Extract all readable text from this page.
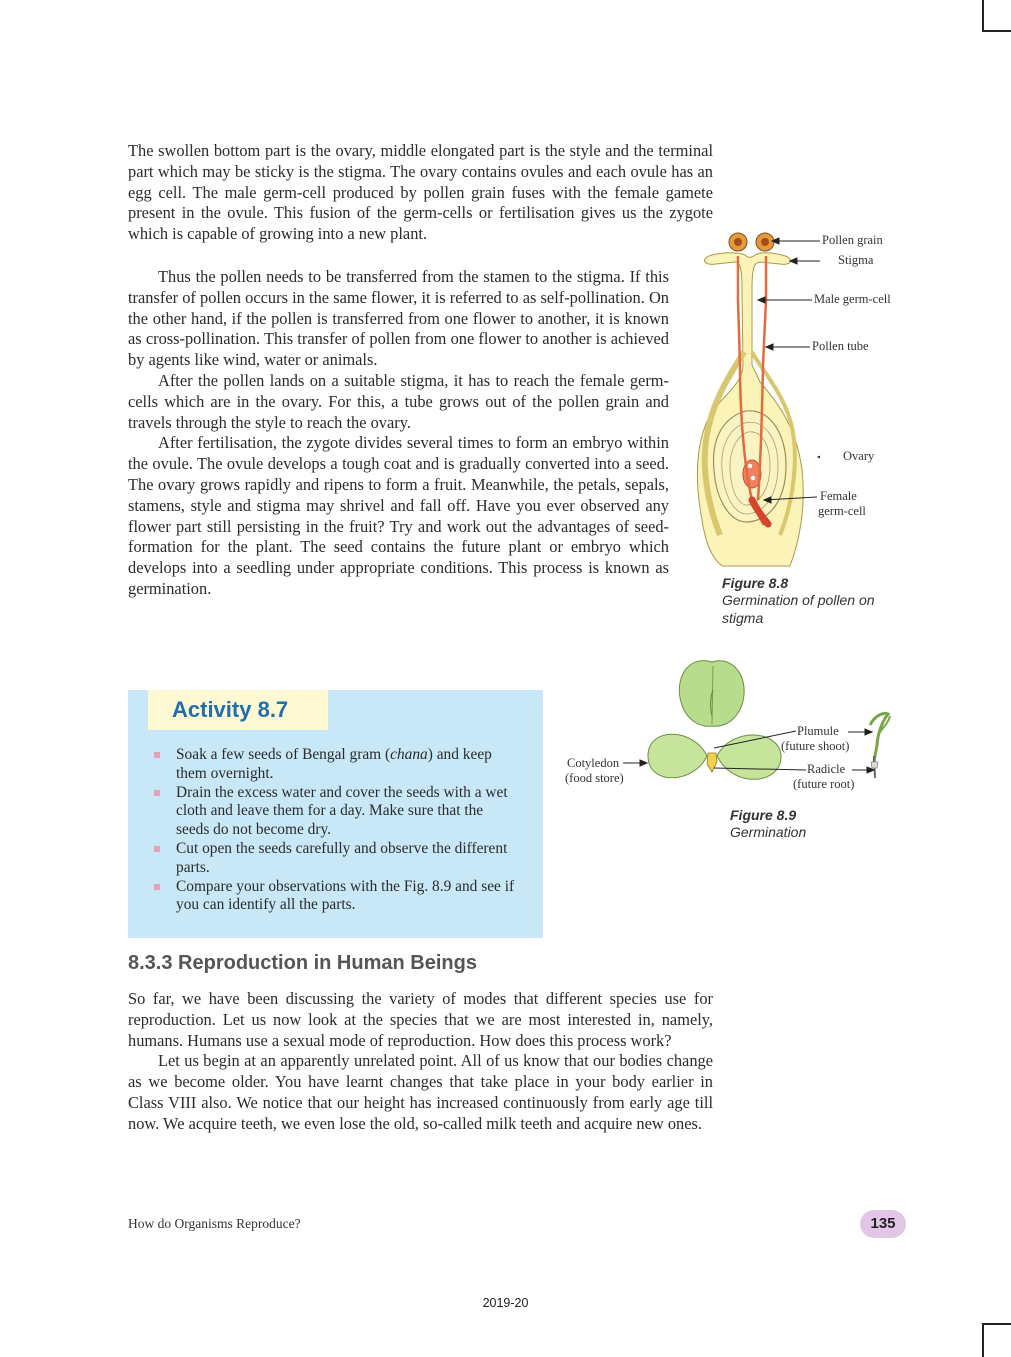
The swollen bottom part is the ovary, middle elongated part is the style and the terminal part which may be sticky is the stigma. The ovary contains ovules and each ovule has an egg cell. The male germ-cell produced by pollen grain fuses with the female gamete present in the ovule. This fusion of the germ-cells or fertilisation gives us the zygote which is capable of growing into a new plant.

Thus the pollen needs to be transferred from the stamen to the stigma. If this transfer of pollen occurs in the same flower, it is referred to as self-pollination. On the other hand, if the pollen is transferred from one flower to another, it is known as cross-pollination. This transfer of pollen from one flower to another is achieved by agents like wind, water or animals.

After the pollen lands on a suitable stigma, it has to reach the female germ-cells which are in the ovary. For this, a tube grows out of the pollen grain and travels through the style to reach the ovary.

After fertilisation, the zygote divides several times to form an embryo within the ovule. The ovule develops a tough coat and is gradually converted into a seed. The ovary grows rapidly and ripens to form a fruit. Meanwhile, the petals, sepals, stamens, style and stigma may shrivel and fall off. Have you ever observed any flower part still persisting in the fruit? Try and work out the advantages of seed-formation for the plant. The seed contains the future plant or embryo which develops into a seedling under appropriate conditions. This process is known as germination.

Pollen grain
Stigma
Male germ-cell
Pollen tube
Ovary
Female
germ-cell
Figure 8.8
Germination of pollen on
stigma
Activity 8.7
Soak a few seeds of Bengal gram (chana) and keep them overnight.
Drain the excess water and cover the seeds with a wet cloth and leave them for a day. Make sure that the seeds do not become dry.
Cut open the seeds carefully and observe the different parts.
Compare your observations with the Fig. 8.9 and see if you can identify all the parts.
Cotyledon
(food store)
Plumule
(future shoot)
Radicle
(future root)
Figure 8.9
Germination
8.3.3 Reproduction in Human Beings

So far, we have been discussing the variety of modes that different species use for reproduction. Let us now look at the species that we are most interested in, namely, humans. Humans use a sexual mode of reproduction. How does this process work?

Let us begin at an apparently unrelated point. All of us know that our bodies change as we become older. You have learnt changes that take place in your body earlier in Class VIII also. We notice that our height has increased continuously from early age till now. We acquire teeth, we even lose the old, so-called milk teeth and acquire new ones.

How do Organisms Reproduce?	135
2019-20
